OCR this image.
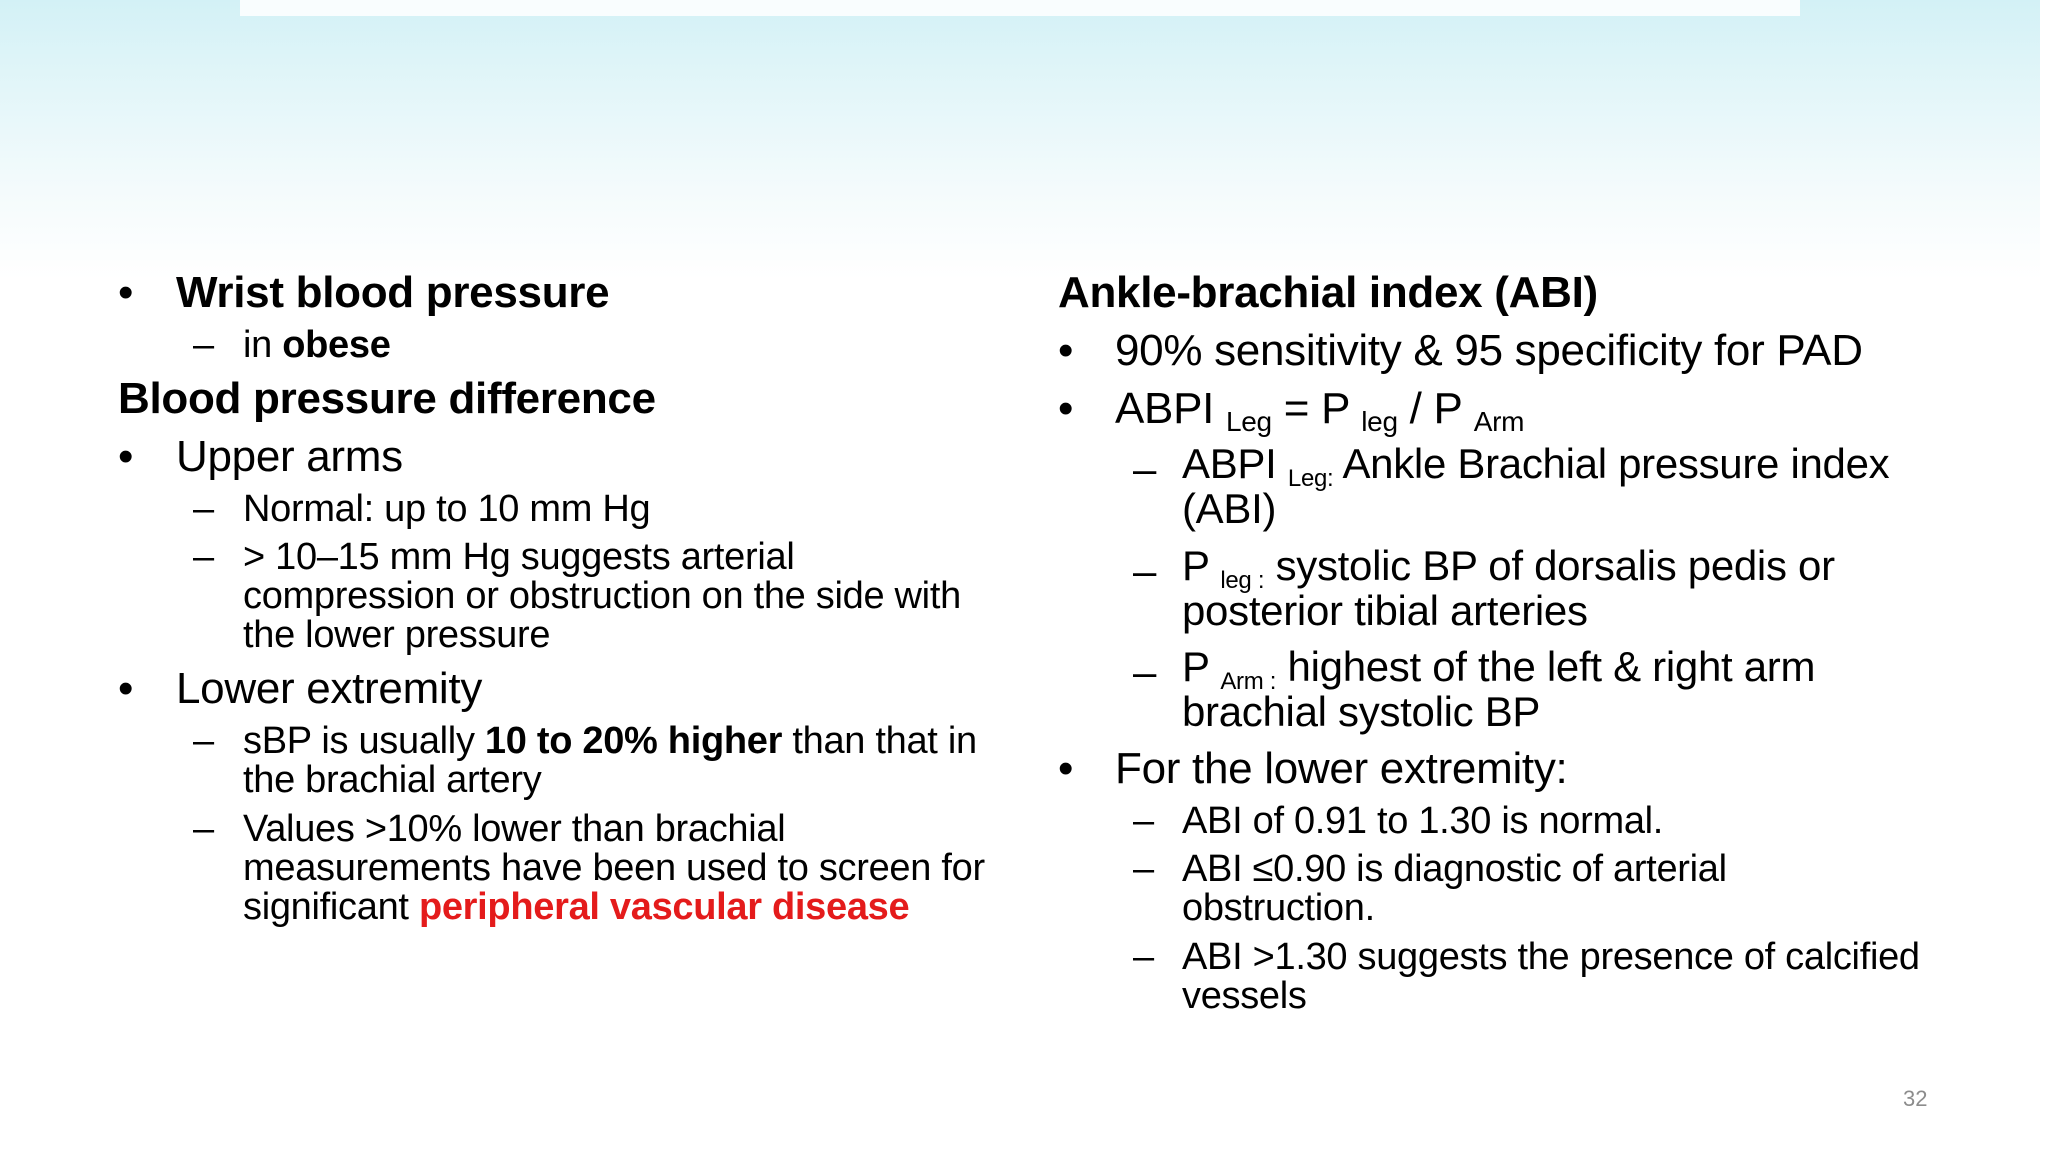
• Wrist blood pressure
– in obese
Blood pressure difference
• Upper arms
– Normal: up to 10 mm Hg
– > 10–15 mm Hg suggests arterial
compression or obstruction on the side with
the lower pressure
• Lower extremity
– sBP is usually 10 to 20% higher than that in
the brachial artery
– Values >10% lower than brachial
measurements have been used to screen for
significant peripheral vascular disease
Ankle-brachial index (ABI)
• 90% sensitivity & 95 specificity for PAD
• ABPI Leg = P leg / P Arm
– ABPI Leg: Ankle Brachial pressure index
(ABI)
– P leg : systolic BP of dorsalis pedis or
posterior tibial arteries
– P Arm : highest of the left & right arm
brachial systolic BP
• For the lower extremity:
– ABI of 0.91 to 1.30 is normal.
– ABI ≤0.90 is diagnostic of arterial
obstruction.
– ABI >1.30 suggests the presence of calcified
vessels
32
